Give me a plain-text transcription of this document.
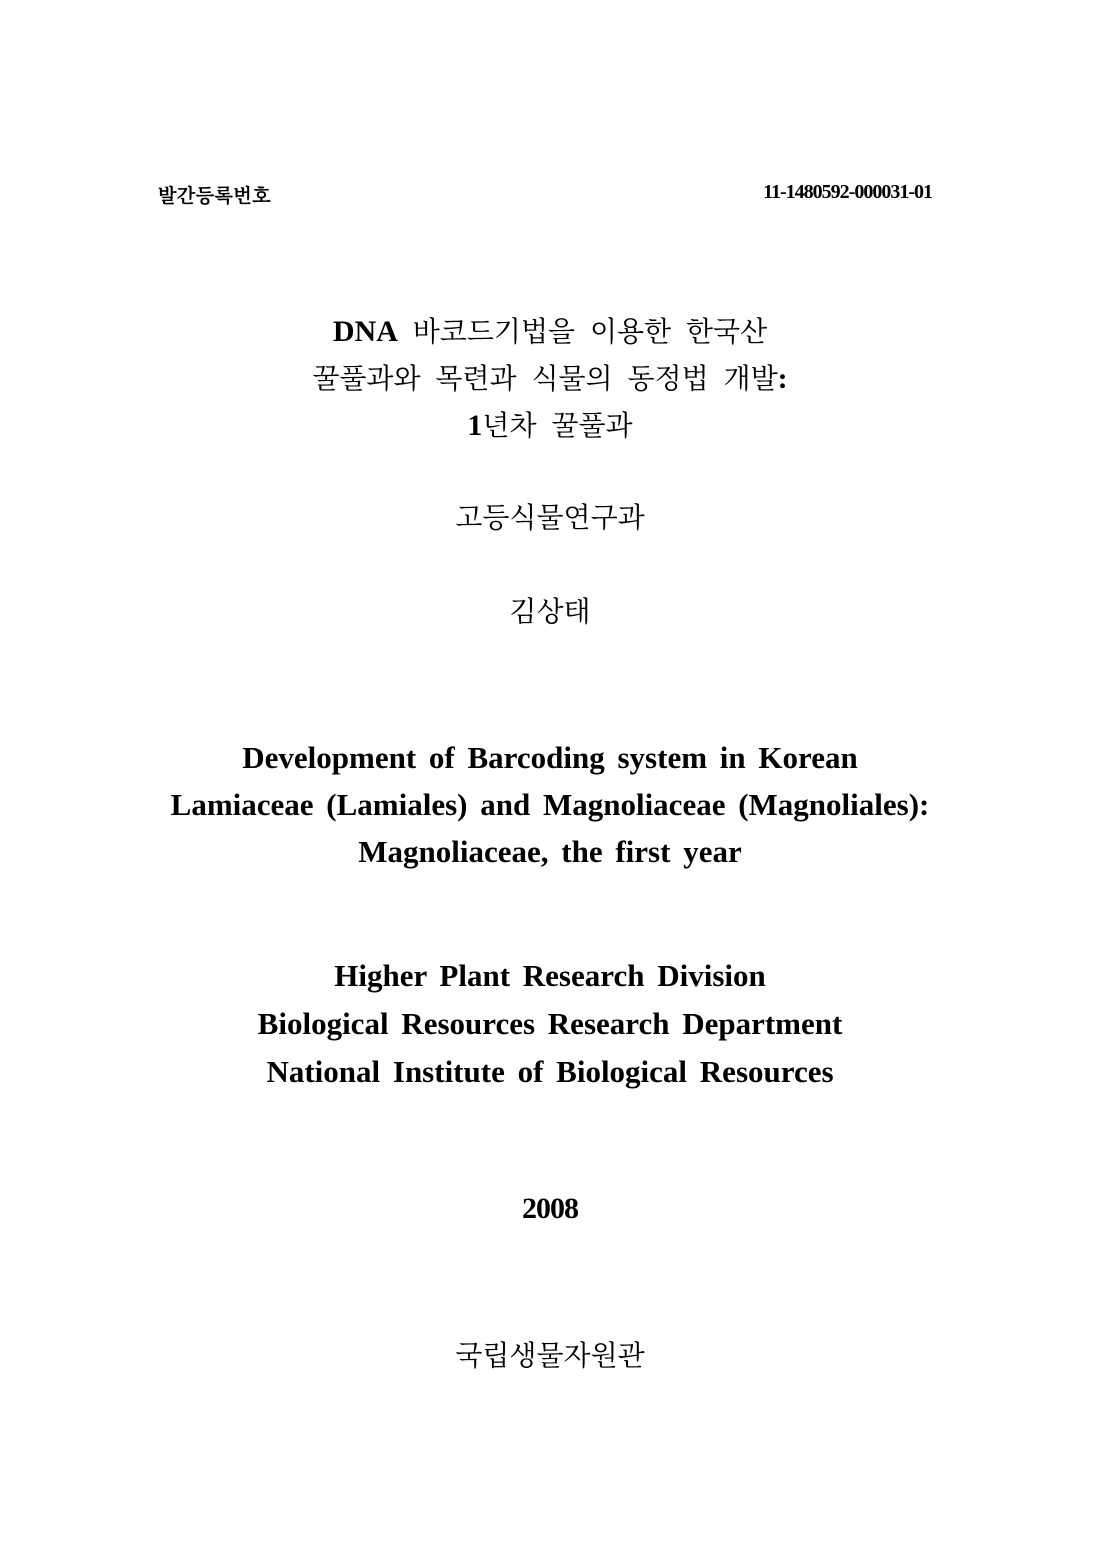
발간등록번호	11-1480592-000031-01
DNA 바코드기법을 이용한 한국산
꿀풀과와 목련과 식물의 동정법 개발:
1년차 꿀풀과
고등식물연구과
김상태
Development of Barcoding system in Korean
Lamiaceae (Lamiales) and Magnoliaceae (Magnoliales):
Magnoliaceae, the first year
Higher Plant Research Division
Biological Resources Research Department
National Institute of Biological Resources
2008
국립생물자원관
